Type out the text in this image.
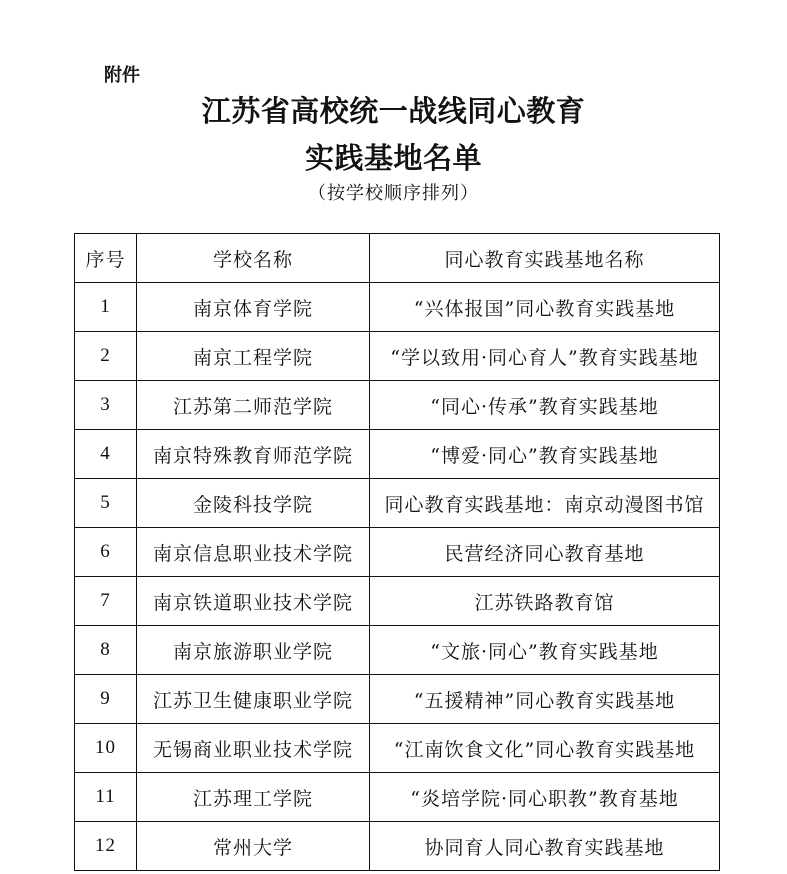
附件
江苏省高校统一战线同心教育
实践基地名单
（按学校顺序排列）
序号	学校名称	同心教育实践基地名称
1	南京体育学院	“兴体报国”同心教育实践基地
2	南京工程学院	“学以致用·同心育人”教育实践基地
3	江苏第二师范学院	“同心·传承”教育实践基地
4	南京特殊教育师范学院	“博爱·同心”教育实践基地
5	金陵科技学院	同心教育实践基地：南京动漫图书馆
6	南京信息职业技术学院	民营经济同心教育基地
7	南京铁道职业技术学院	江苏铁路教育馆
8	南京旅游职业学院	“文旅·同心”教育实践基地
9	江苏卫生健康职业学院	“五援精神”同心教育实践基地
10	无锡商业职业技术学院	“江南饮食文化”同心教育实践基地
11	江苏理工学院	“炎培学院·同心职教”教育基地
12	常州大学	协同育人同心教育实践基地
